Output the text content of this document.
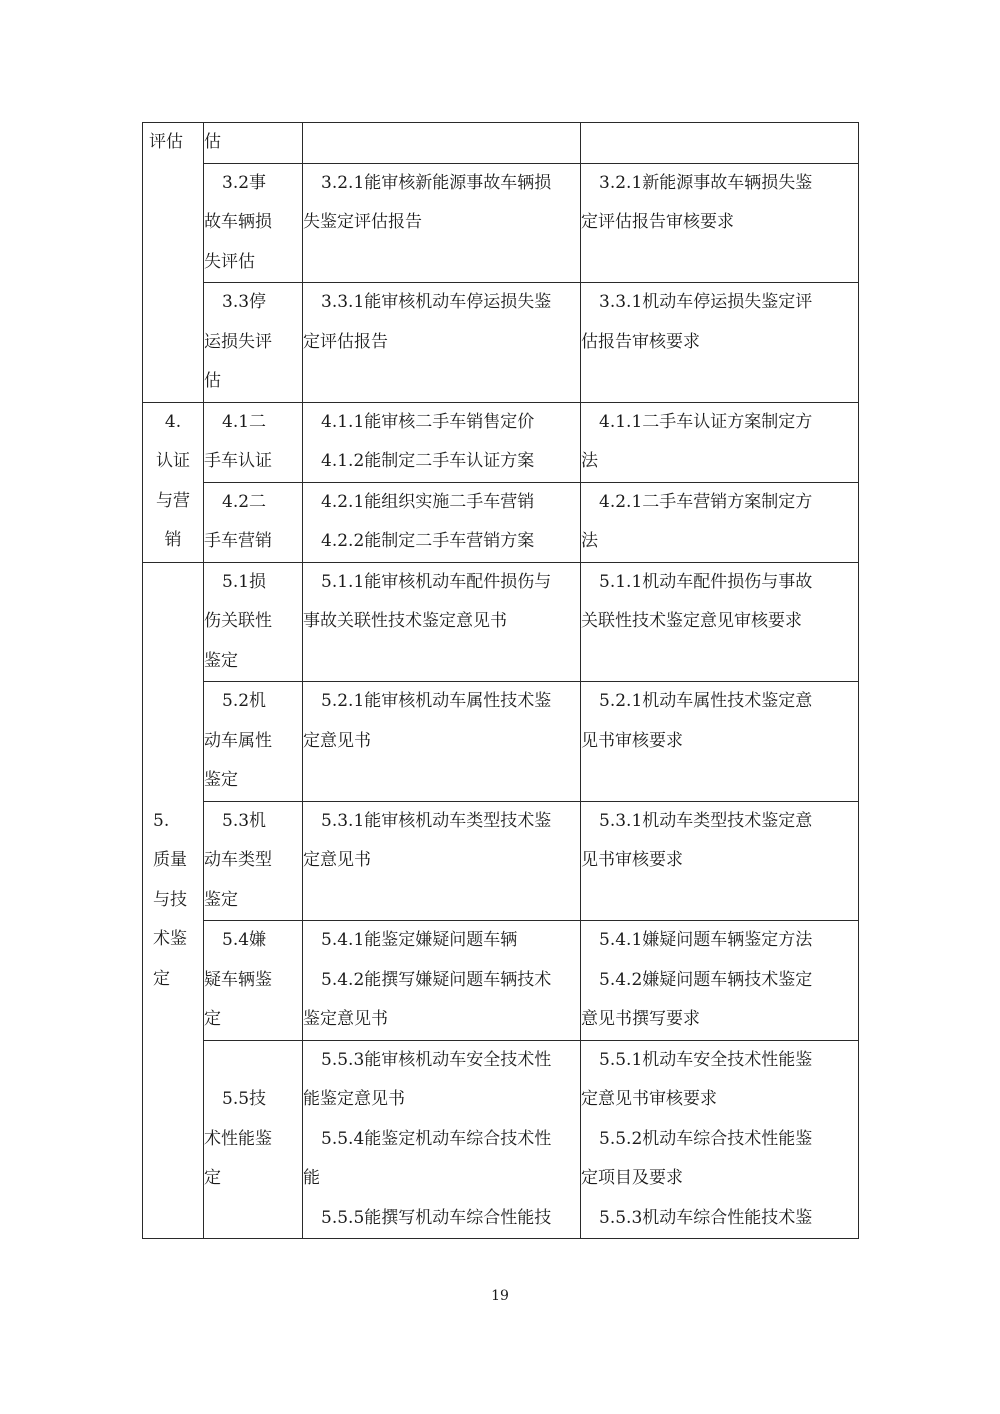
评估	估		

	3.2事
故车辆损
失评估	3.2.1能审核新能源事故车辆损
失鉴定评估报告	3.2.1新能源事故车辆损失鉴
定评估报告审核要求

	3.3停
运损失评
估	3.3.1能审核机动车停运损失鉴
定评估报告	3.3.1机动车停运损失鉴定评
估报告审核要求

4.
认证
与营
销	4.1二
手车认证	4.1.1能审核二手车销售定价
4.1.2能制定二手车认证方案	4.1.1二手车认证方案制定方
法

	4.2二
手车营销	4.2.1能组织实施二手车营销
4.2.2能制定二手车营销方案	4.2.1二手车营销方案制定方
法

5.
质量
与技
术鉴
定	5.1损
伤关联性
鉴定	5.1.1能审核机动车配件损伤与
事故关联性技术鉴定意见书	5.1.1机动车配件损伤与事故
关联性技术鉴定意见审核要求

	5.2机
动车属性
鉴定	5.2.1能审核机动车属性技术鉴
定意见书	5.2.1机动车属性技术鉴定意
见书审核要求

	5.3机
动车类型
鉴定	5.3.1能审核机动车类型技术鉴
定意见书	5.3.1机动车类型技术鉴定意
见书审核要求

	5.4嫌
疑车辆鉴
定	5.4.1能鉴定嫌疑问题车辆
5.4.2能撰写嫌疑问题车辆技术
鉴定意见书	5.4.1嫌疑问题车辆鉴定方法
5.4.2嫌疑问题车辆技术鉴定
意见书撰写要求

	5.5技
术性能鉴
定	5.5.3能审核机动车安全技术性
能鉴定意见书
5.5.4能鉴定机动车综合技术性
能
5.5.5能撰写机动车综合性能技	5.5.1机动车安全技术性能鉴
定意见书审核要求
5.5.2机动车综合技术性能鉴
定项目及要求
5.5.3机动车综合性能技术鉴
19
